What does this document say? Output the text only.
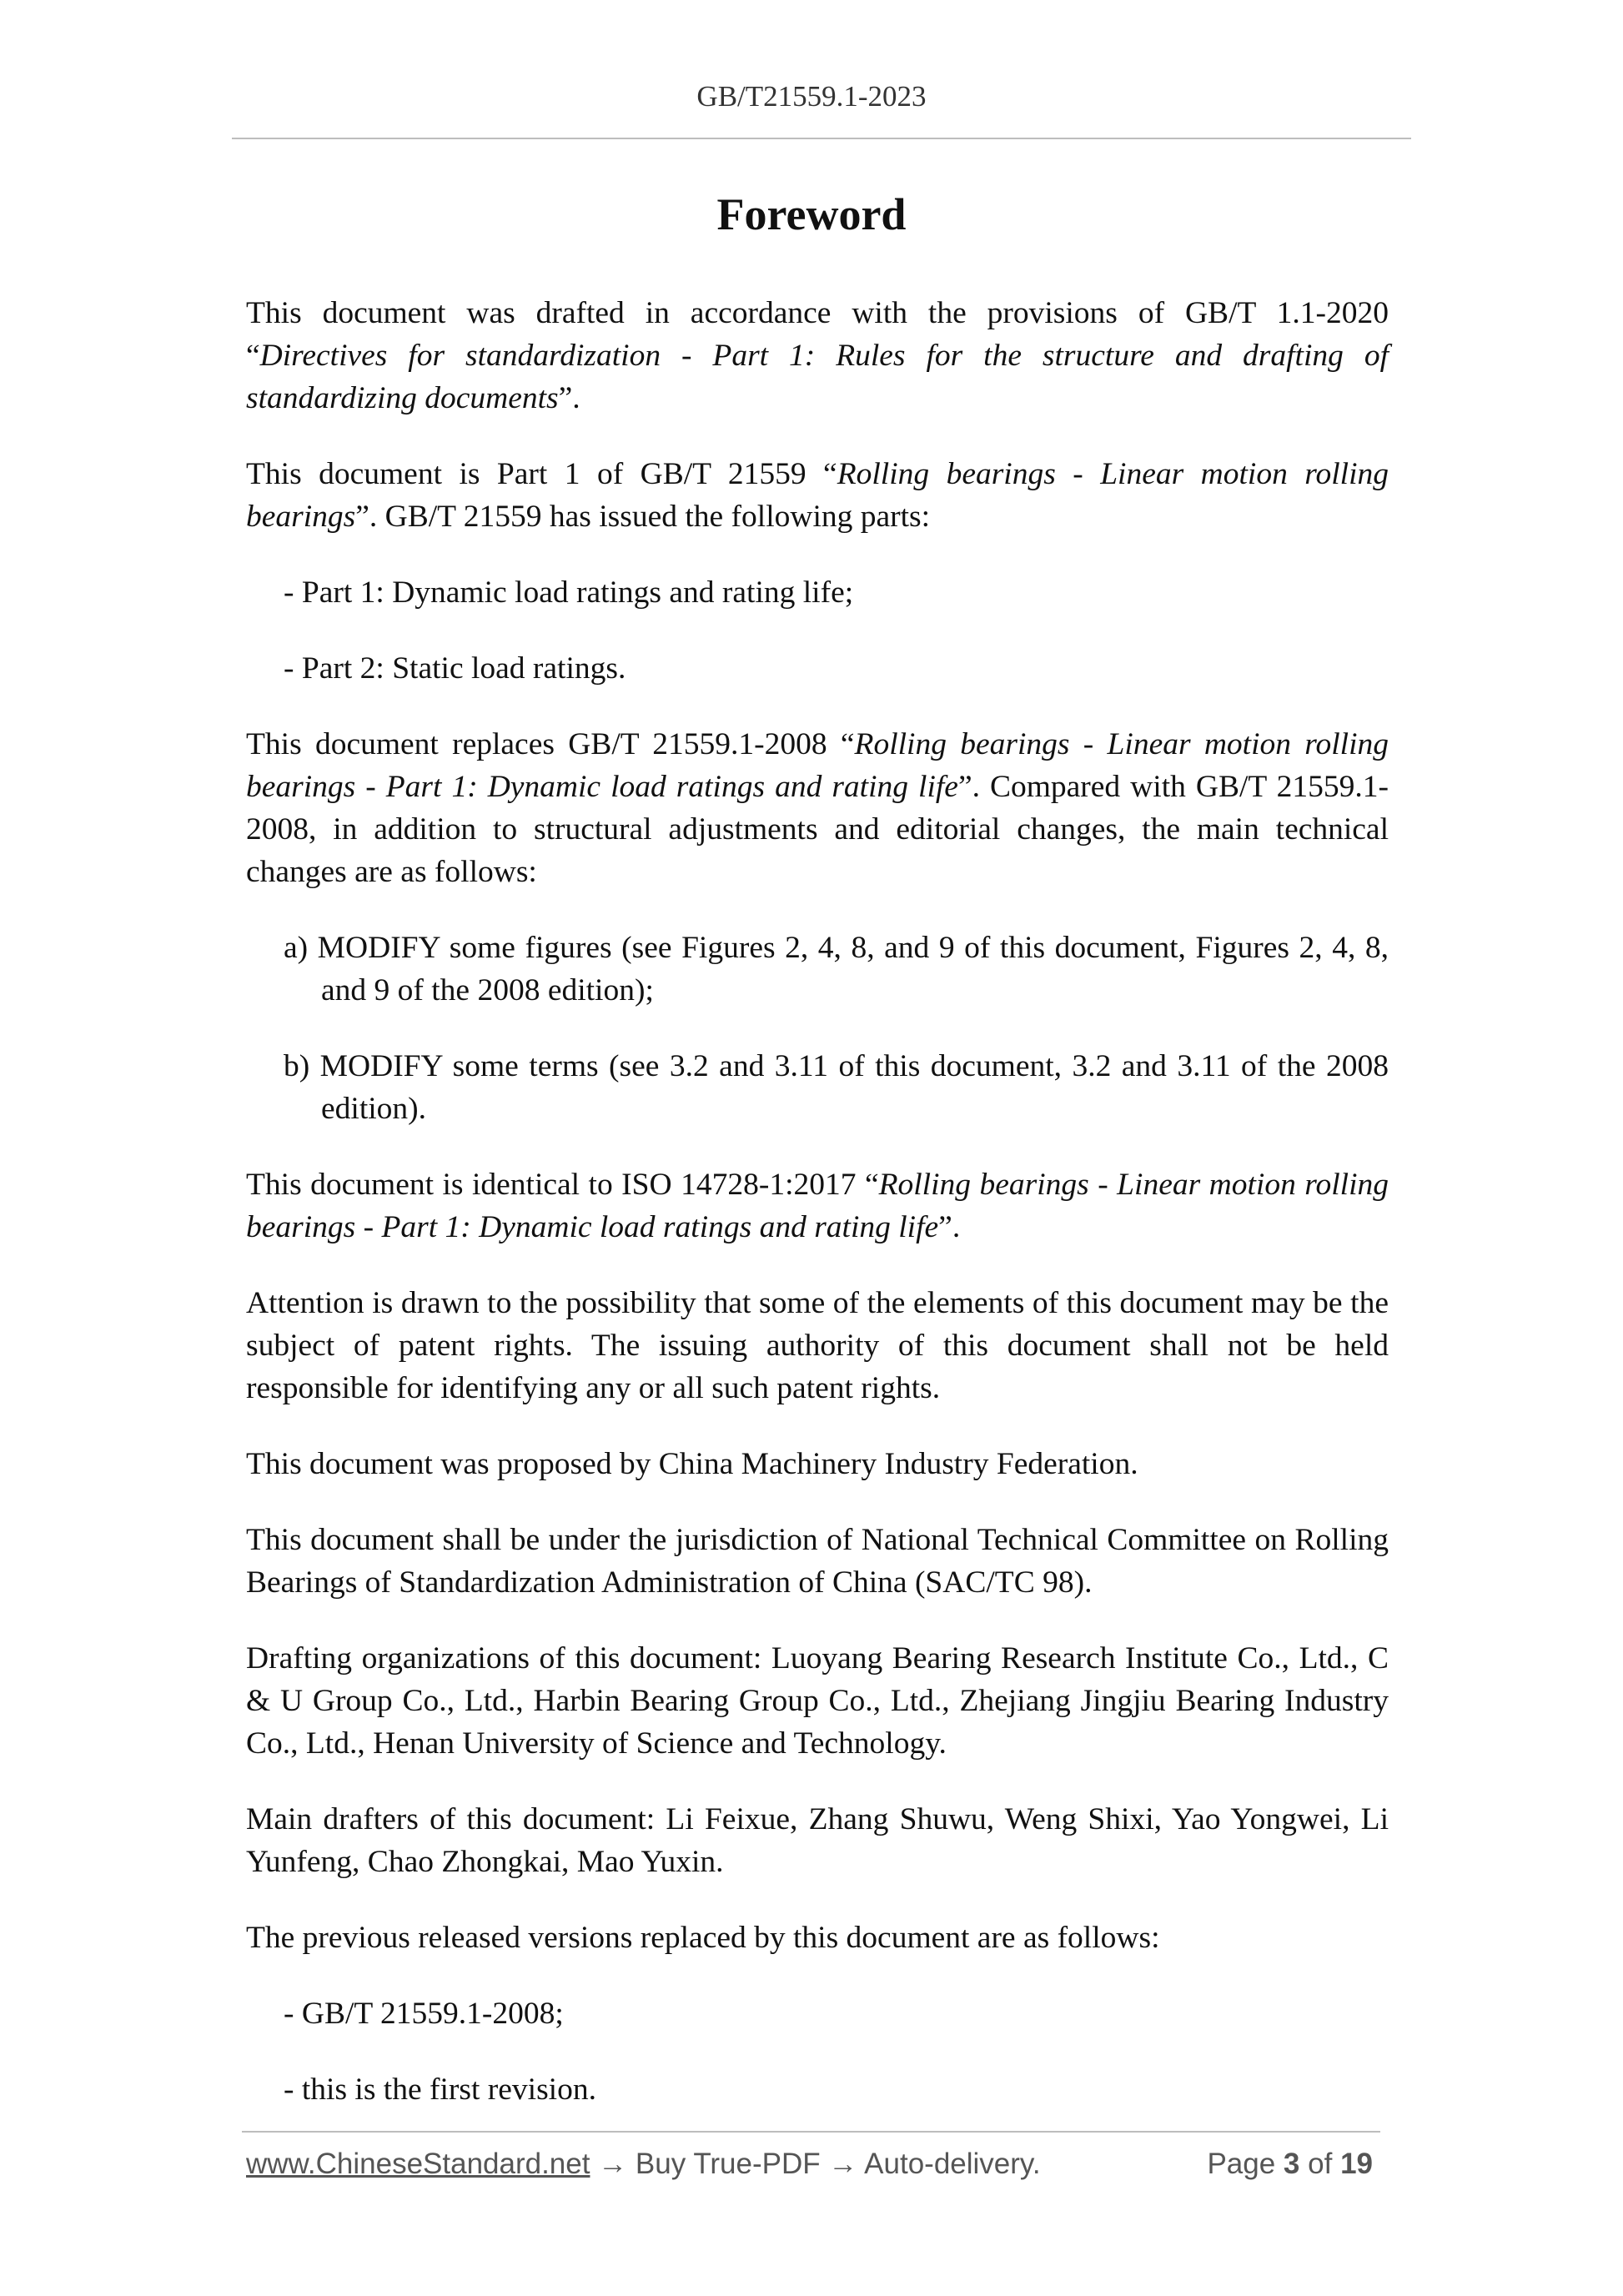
GB/T21559.1-2023
Foreword

This document was drafted in accordance with the provisions of GB/T 1.1-2020 “Directives for standardization - Part 1: Rules for the structure and drafting of standardizing documents”.

This document is Part 1 of GB/T 21559 “Rolling bearings - Linear motion rolling bearings”. GB/T 21559 has issued the following parts:

- Part 1: Dynamic load ratings and rating life;

- Part 2: Static load ratings.

This document replaces GB/T 21559.1-2008 “Rolling bearings - Linear motion rolling bearings - Part 1: Dynamic load ratings and rating life”. Compared with GB/T 21559.1-2008, in addition to structural adjustments and editorial changes, the main technical changes are as follows:

a) MODIFY some figures (see Figures 2, 4, 8, and 9 of this document, Figures 2, 4, 8, and 9 of the 2008 edition);

b) MODIFY some terms (see 3.2 and 3.11 of this document, 3.2 and 3.11 of the 2008 edition).

This document is identical to ISO 14728-1:2017 “Rolling bearings - Linear motion rolling bearings - Part 1: Dynamic load ratings and rating life”.

Attention is drawn to the possibility that some of the elements of this document may be the subject of patent rights. The issuing authority of this document shall not be held responsible for identifying any or all such patent rights.

This document was proposed by China Machinery Industry Federation.

This document shall be under the jurisdiction of National Technical Committee on Rolling Bearings of Standardization Administration of China (SAC/TC 98).

Drafting organizations of this document: Luoyang Bearing Research Institute Co., Ltd., C & U Group Co., Ltd., Harbin Bearing Group Co., Ltd., Zhejiang Jingjiu Bearing Industry Co., Ltd., Henan University of Science and Technology.

Main drafters of this document: Li Feixue, Zhang Shuwu, Weng Shixi, Yao Yongwei, Li Yunfeng, Chao Zhongkai, Mao Yuxin.

The previous released versions replaced by this document are as follows:

- GB/T 21559.1-2008;

- this is the first revision.

www.ChineseStandard.net → Buy True-PDF → Auto-delivery.	Page 3 of 19
